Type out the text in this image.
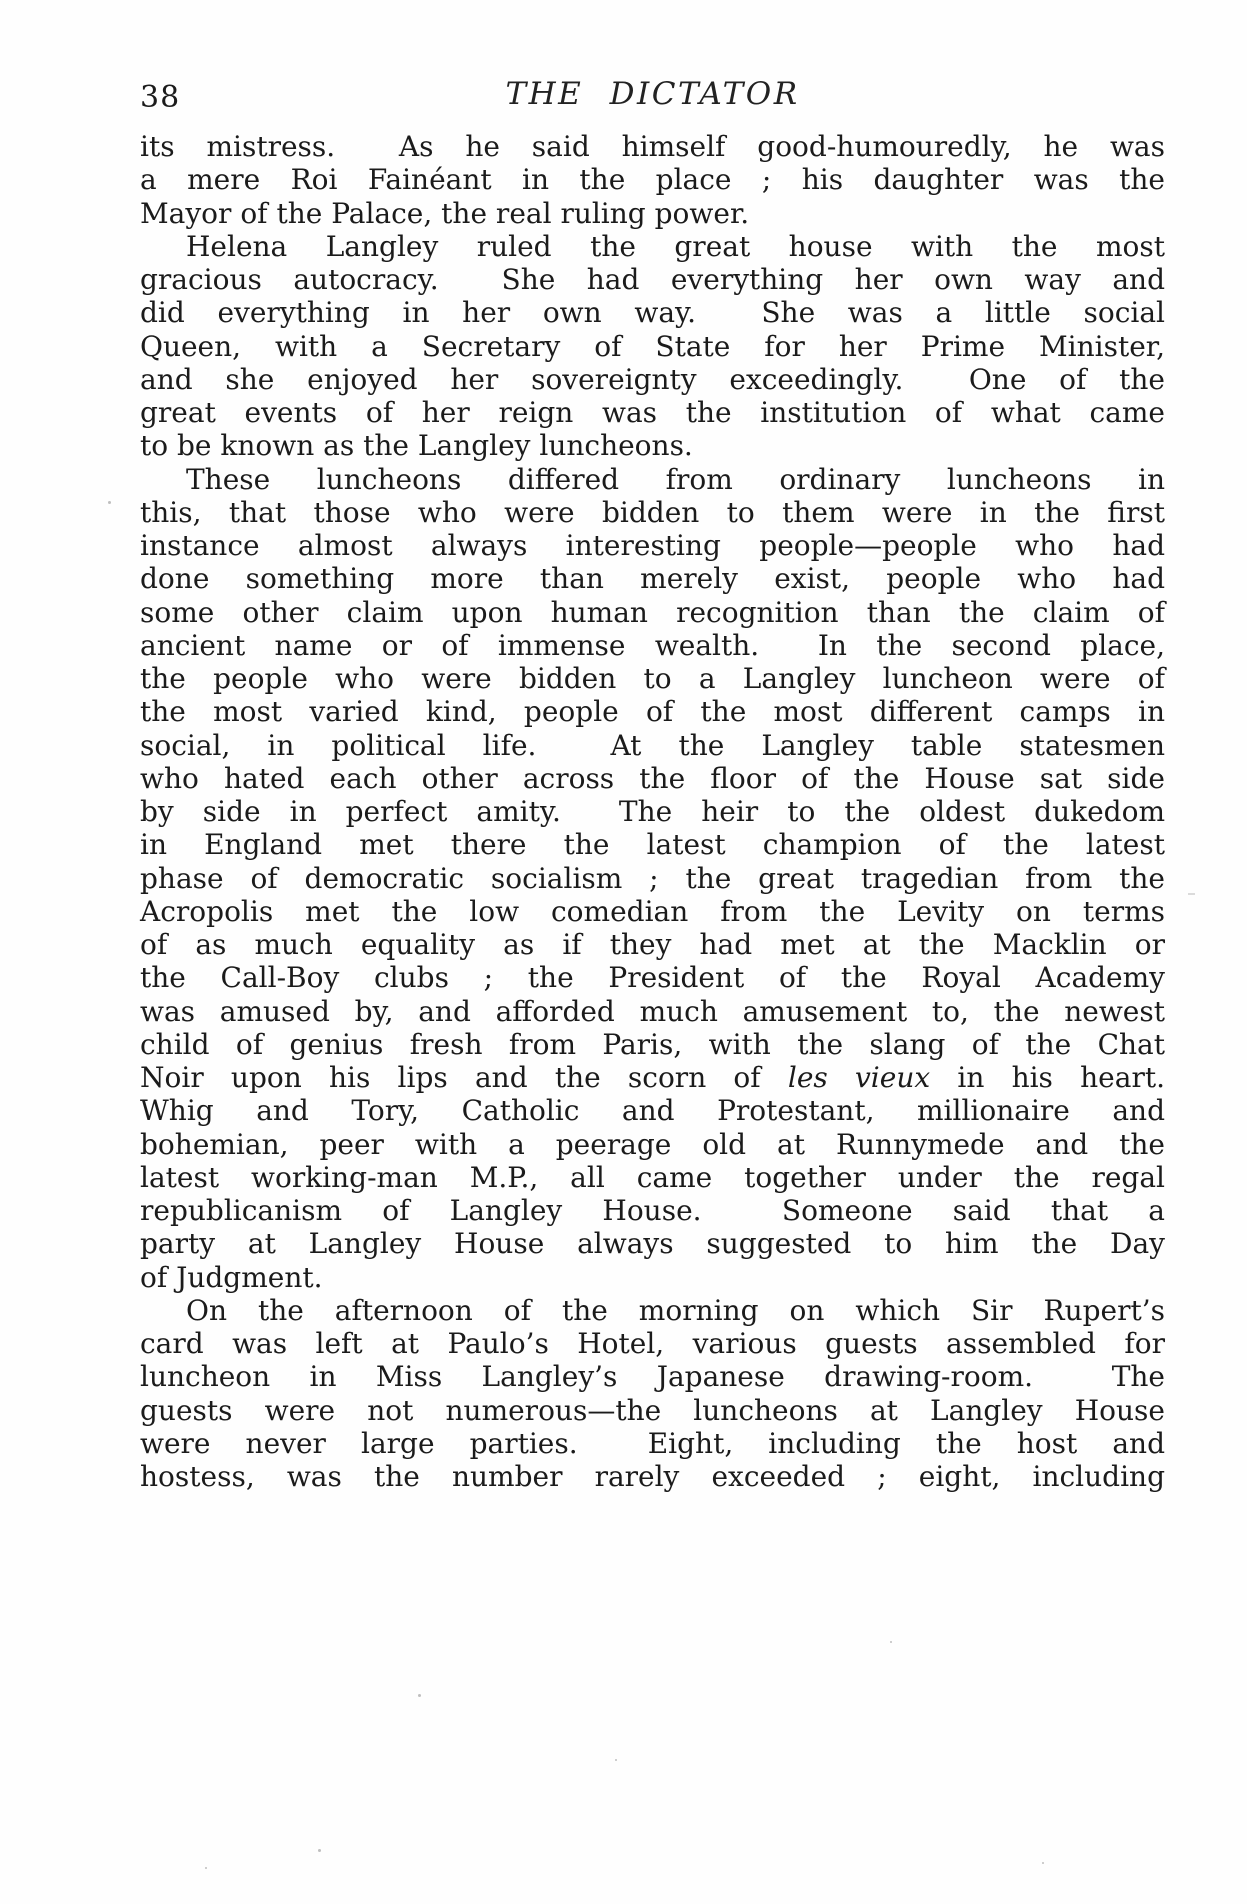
38	THE DICTATOR
its mistress.  As he said himself good-humouredly, he was
a mere Roi Fainéant in the place ; his daughter was the
Mayor of the Palace, the real ruling power.
Helena Langley ruled the great house with the most
gracious autocracy.  She had everything her own way and
did everything in her own way.  She was a little social
Queen, with a Secretary of State for her Prime Minister,
and she enjoyed her sovereignty exceedingly.  One of the
great events of her reign was the institution of what came
to be known as the Langley luncheons.
These luncheons differed from ordinary luncheons in
this, that those who were bidden to them were in the first
instance almost always interesting people—people who had
done something more than merely exist, people who had
some other claim upon human recognition than the claim of
ancient name or of immense wealth.  In the second place,
the people who were bidden to a Langley luncheon were of
the most varied kind, people of the most different camps in
social, in political life.  At the Langley table statesmen
who hated each other across the floor of the House sat side
by side in perfect amity.  The heir to the oldest dukedom
in England met there the latest champion of the latest
phase of democratic socialism ; the great tragedian from the
Acropolis met the low comedian from the Levity on terms
of as much equality as if they had met at the Macklin or
the Call-Boy clubs ; the President of the Royal Academy
was amused by, and afforded much amusement to, the newest
child of genius fresh from Paris, with the slang of the Chat
Noir upon his lips and the scorn of les vieux in his heart.
Whig and Tory, Catholic and Protestant, millionaire and
bohemian, peer with a peerage old at Runnymede and the
latest working-man M.P., all came together under the regal
republicanism of Langley House.  Someone said that a
party at Langley House always suggested to him the Day
of Judgment.
On the afternoon of the morning on which Sir Rupert’s
card was left at Paulo’s Hotel, various guests assembled for
luncheon in Miss Langley’s Japanese drawing-room.  The
guests were not numerous—the luncheons at Langley House
were never large parties.  Eight, including the host and
hostess, was the number rarely exceeded ; eight, including
